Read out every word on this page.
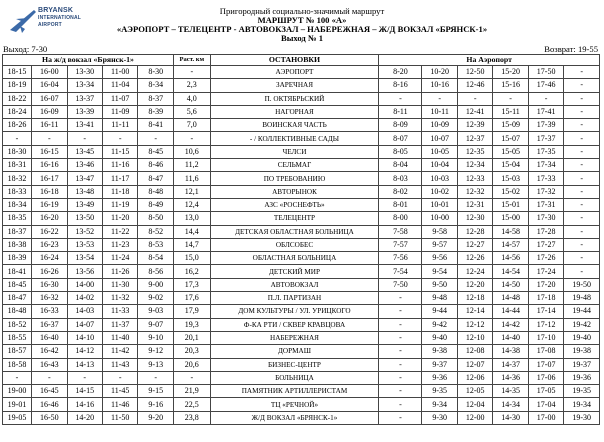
BRYANSK
INTERNATIONAL
AIRPORT
Пригородный социально-значимый маршрут
МАРШРУТ № 100 «А»
«АЭРОПОРТ – ТЕЛЕЦЕНТР - АВТОВОКЗАЛ – НАБЕРЕЖНАЯ – Ж/Д ВОКЗАЛ «БРЯНСК-1»
Выход № 1
Выход: 7-30	Возврат: 19-55
На ж/д вокзал «Брянск-1»					Раст. км	ОСТАНОВКИ	На Аэропорт					
18-15	16-00	13-30	11-00	8-30	-	АЭРОПОРТ	8-20	10-20	12-50	15-20	17-50	-
18-19	16-04	13-34	11-04	8-34	2,3	ЗАРЕЧНАЯ	8-16	10-16	12-46	15-16	17-46	-
18-22	16-07	13-37	11-07	8-37	4,0	П. ОКТЯБРЬСКИЙ	-	-	-	-	-	-
18-24	16-09	13-39	11-09	8-39	5,6	НАГОРНАЯ	8-11	10-11	12-41	15-11	17-41	-
18-26	16-11	13-41	11-11	8-41	7,0	ВОИНСКАЯ ЧАСТЬ	8-09	10-09	12-39	15-09	17-39	-
-	-	-	-	-	-	- / КОЛЛЕКТИВНЫЕ САДЫ	8-07	10-07	12-37	15-07	17-37	-
18-30	16-15	13-45	11-15	8-45	10,6	ЧЕЛСИ	8-05	10-05	12-35	15-05	17-35	-
18-31	16-16	13-46	11-16	8-46	11,2	СЕЛЬМАГ	8-04	10-04	12-34	15-04	17-34	-
18-32	16-17	13-47	11-17	8-47	11,6	ПО ТРЕБОВАНИЮ	8-03	10-03	12-33	15-03	17-33	-
18-33	16-18	13-48	11-18	8-48	12,1	АВТОРЫНОК	8-02	10-02	12-32	15-02	17-32	-
18-34	16-19	13-49	11-19	8-49	12,4	АЗС «РОСНЕФТЬ»	8-01	10-01	12-31	15-01	17-31	-
18-35	16-20	13-50	11-20	8-50	13,0	ТЕЛЕЦЕНТР	8-00	10-00	12-30	15-00	17-30	-
18-37	16-22	13-52	11-22	8-52	14,4	ДЕТСКАЯ ОБЛАСТНАЯ БОЛЬНИЦА	7-58	9-58	12-28	14-58	17-28	-
18-38	16-23	13-53	11-23	8-53	14,7	ОБЛСОБЕС	7-57	9-57	12-27	14-57	17-27	-
18-39	16-24	13-54	11-24	8-54	15,0	ОБЛАСТНАЯ БОЛЬНИЦА	7-56	9-56	12-26	14-56	17-26	-
18-41	16-26	13-56	11-26	8-56	16,2	ДЕТСКИЙ МИР	7-54	9-54	12-24	14-54	17-24	-
18-45	16-30	14-00	11-30	9-00	17,3	АВТОВОКЗАЛ	7-50	9-50	12-20	14-50	17-20	19-50
18-47	16-32	14-02	11-32	9-02	17,6	П.Л. ПАРТИЗАН	-	9-48	12-18	14-48	17-18	19-48
18-48	16-33	14-03	11-33	9-03	17,9	ДОМ КУЛЬТУРЫ / УЛ. УРИЦКОГО	-	9-44	12-14	14-44	17-14	19-44
18-52	16-37	14-07	11-37	9-07	19,3	Ф-КА РТИ / СКВЕР КРАВЦОВА	-	9-42	12-12	14-42	17-12	19-42
18-55	16-40	14-10	11-40	9-10	20,1	НАБЕРЕЖНАЯ	-	9-40	12-10	14-40	17-10	19-40
18-57	16-42	14-12	11-42	9-12	20,3	ДОРМАШ	-	9-38	12-08	14-38	17-08	19-38
18-58	16-43	14-13	11-43	9-13	20,6	БИЗНЕС-ЦЕНТР	-	9-37	12-07	14-37	17-07	19-37
-	-	-	-	-	-	БОЛЬНИЦА	-	9-36	12-06	14-36	17-06	19-36
19-00	16-45	14-15	11-45	9-15	21,9	ПАМЯТНИК АРТИЛЛЕРИСТАМ	-	9-35	12-05	14-35	17-05	19-35
19-01	16-46	14-16	11-46	9-16	22,5	ТЦ «РЕЧНОЙ»	-	9-34	12-04	14-34	17-04	19-34
19-05	16-50	14-20	11-50	9-20	23,8	Ж/Д ВОКЗАЛ «БРЯНСК-1»	-	9-30	12-00	14-30	17-00	19-30
